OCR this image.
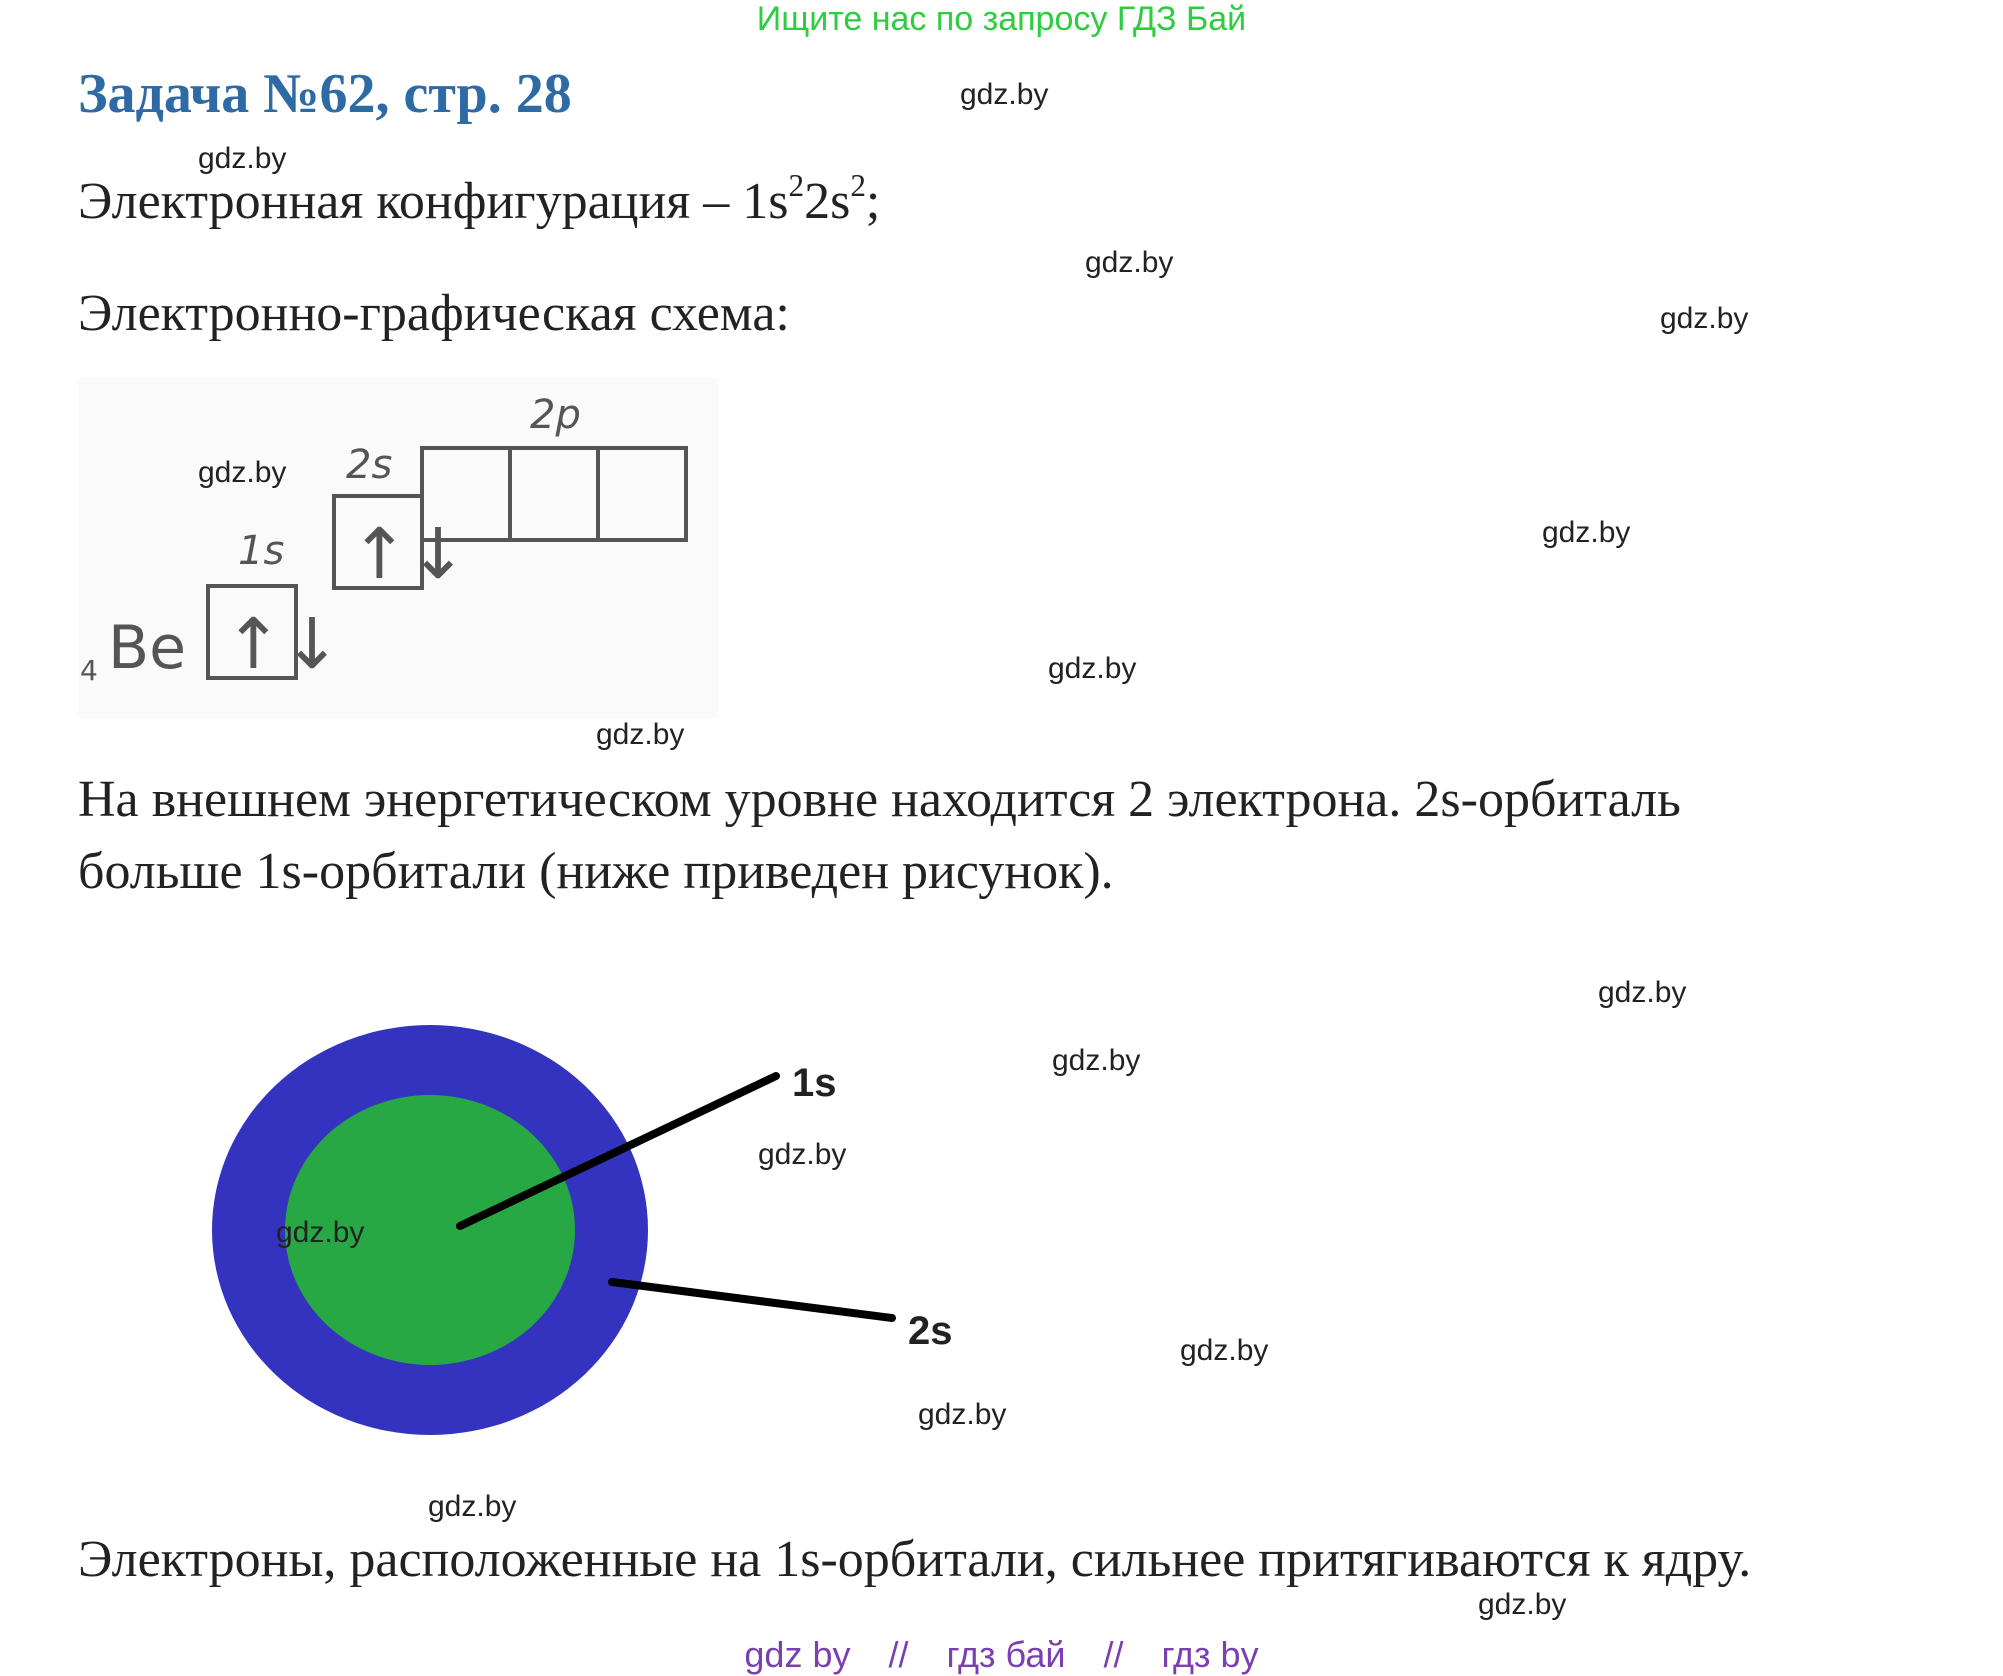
Ищите нас по запросу ГДЗ Бай
Задача №62, стр. 28
Электронная конфигурация – $1s^22s^2$;
Электронно-графическая схема:
4 Be
1s
↑↓
2s
↑↓
2p
На внешнем энергетическом уровне находится 2 электрона. 2s-орбиталь
больше 1s-орбитали (ниже приведен рисунок).
1s
2s
Электроны, расположенные на 1s-орбитали, сильнее притягиваются к ядру.
gdz.by
gdz.by
gdz.by
gdz.by
gdz.by
gdz.by
gdz.by
gdz.by
gdz.by
gdz.by
gdz.by
gdz.by
gdz.by
gdz.by
gdz.by
gdz.by
gdz by // гдз бай // гдз by
